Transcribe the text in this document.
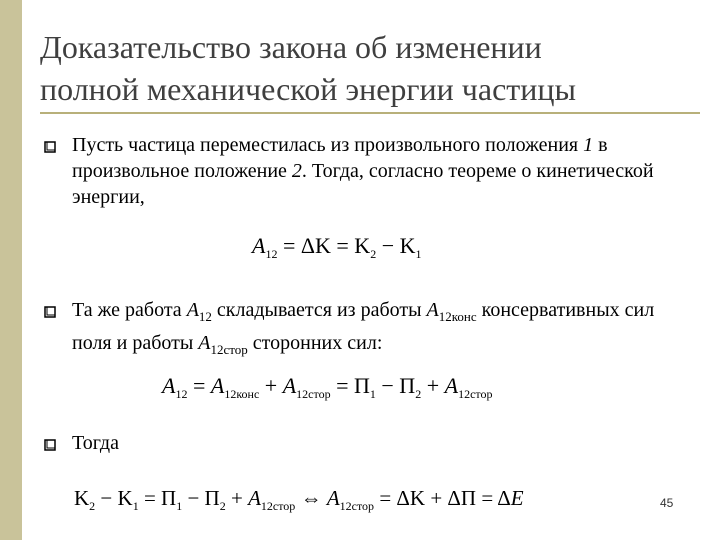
Доказательство закона об изменении
полной механической энергии частицы
Пусть частица переместилась из произвольного положения 1 в произвольное положение 2. Тогда, согласно теореме о кинетической энергии,
$A_{12} = \Delta K = K_2 - K_1$
Та же работа $A_{12}$ складывается из работы $A_{12конс}$ консервативных сил поля и работы $A_{12стор}$ сторонних сил:
$A_{12} = A_{12конс} + A_{12стор} = \Pi_1 - \Pi_2 + A_{12стор}$
Тогда
$K_2 - K_1 = \Pi_1 - \Pi_2 + A_{12стор}$ ⇔ $A_{12стор} = \Delta K + \Delta\Pi = \Delta E$	45
